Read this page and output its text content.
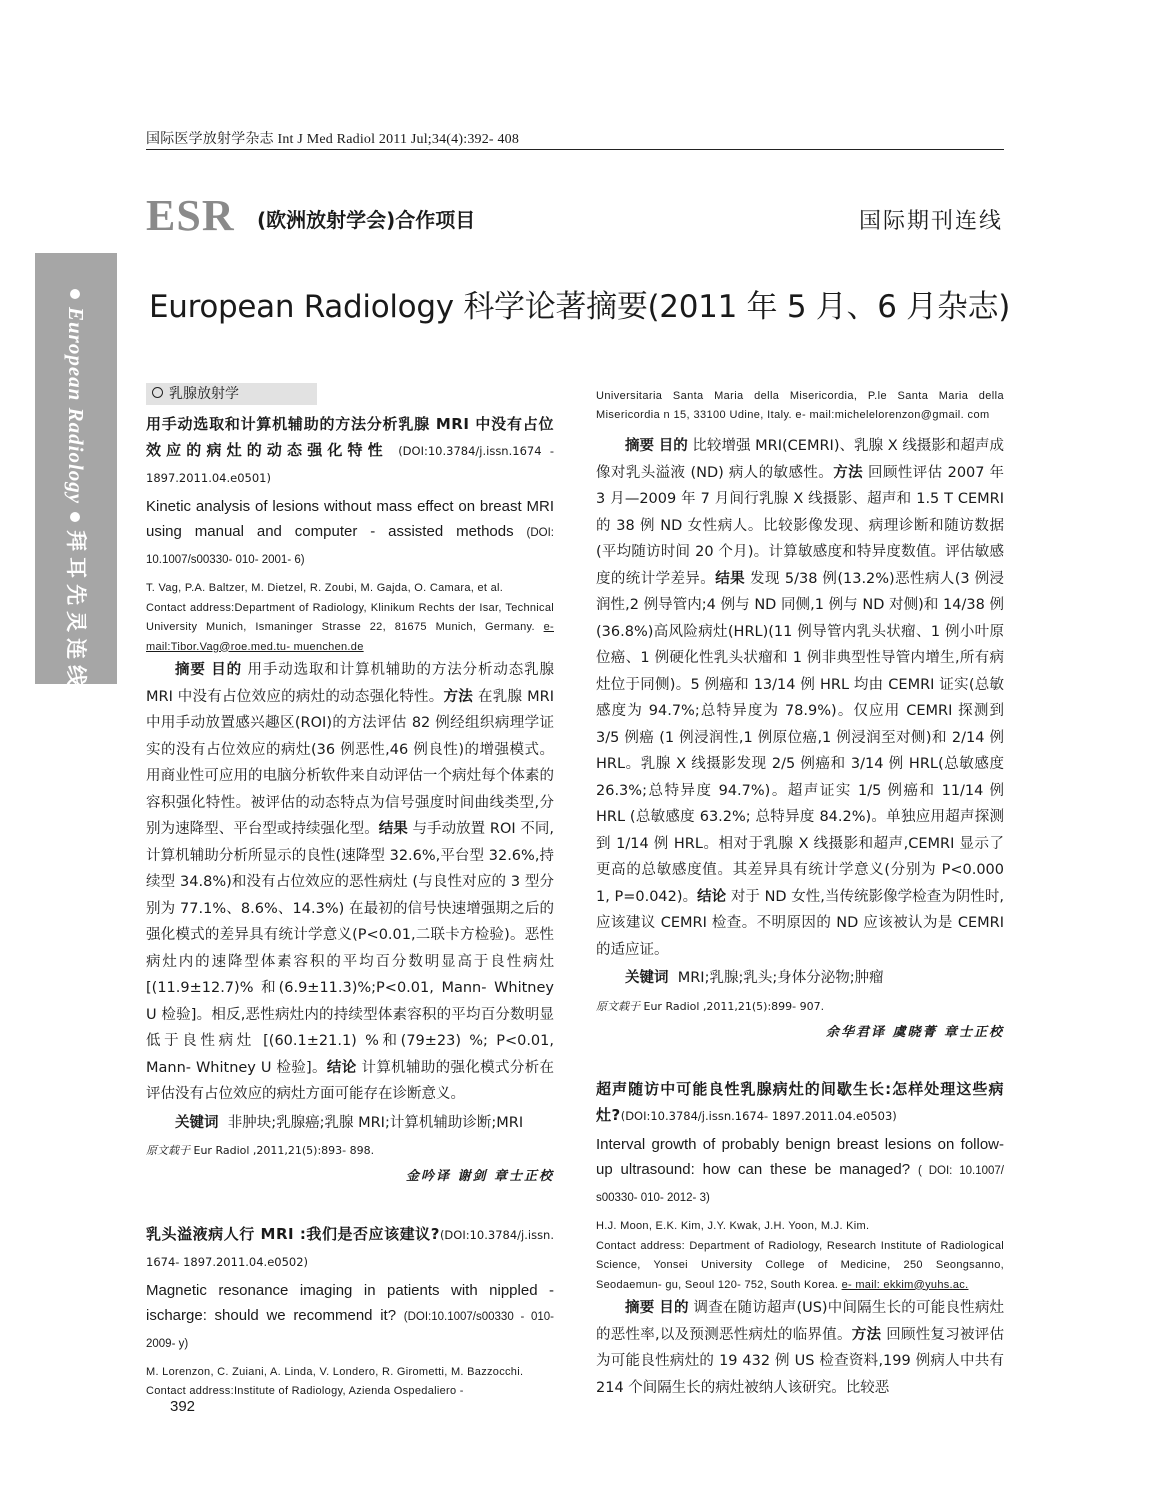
国际医学放射学杂志 Int J Med Radiol 2011 Jul;34(4):392- 408
ESR (欧洲放射学会)合作项目	国际期刊连线
European Radiology 科学论著摘要(2011 年 5 月、6 月杂志)
European Radiology拜耳先灵连线
乳腺放射学
用手动选取和计算机辅助的方法分析乳腺 MRI 中没有占位效应的病灶的动态强化特性 (DOI:10.3784/j.issn.1674 - 1897.2011.04.e0501)
Kinetic analysis of lesions without mass effect on breast MRI using manual and computer - assisted methods (DOI: 10.1007/s00330- 010- 2001- 6)
T. Vag, P.A. Baltzer, M. Dietzel, R. Zoubi, M. Gajda, O. Camara, et al.
Contact address:Department of Radiology, Klinikum Rechts der Isar, Technical University Munich, Ismaninger Strasse 22, 81675 Munich, Germany. e- mail:Tibor.Vag@roe.med.tu- muenchen.de
摘要 目的 用手动选取和计算机辅助的方法分析动态乳腺 MRI 中没有占位效应的病灶的动态强化特性。方法 在乳腺 MRI 中用手动放置感兴趣区(ROI)的方法评估 82 例经组织病理学证实的没有占位效应的病灶(36 例恶性,46 例良性)的增强模式。用商业性可应用的电脑分析软件来自动评估一个病灶每个体素的容积强化特性。被评估的动态特点为信号强度时间曲线类型,分别为速降型、平台型或持续强化型。结果 与手动放置 ROI 不同,计算机辅助分析所显示的良性(速降型 32.6%,平台型 32.6%,持续型 34.8%)和没有占位效应的恶性病灶 (与良性对应的 3 型分别为 77.1%、8.6%、14.3%) 在最初的信号快速增强期之后的强化模式的差异具有统计学意义(P<0.01,二联卡方检验)。恶性病灶内的速降型体素容积的平均百分数明显高于良性病灶 [(11.9±12.7)% 和(6.9±11.3)%;P<0.01, Mann- Whitney U 检验]。相反,恶性病灶内的持续型体素容积的平均百分数明显低于良性病灶 [(60.1±21.1) %和(79±23) %; P<0.01, Mann- Whitney U 检验]。结论 计算机辅助的强化模式分析在评估没有占位效应的病灶方面可能存在诊断意义。
关键词 非肿块;乳腺癌;乳腺 MRI;计算机辅助诊断;MRI
原文载于 Eur Radiol ,2011,21(5):893- 898.
金吟译 谢剑 章士正校
乳头溢液病人行 MRI :我们是否应该建议?(DOI:10.3784/j.issn. 1674- 1897.2011.04.e0502)
Magnetic resonance imaging in patients with nippled - ischarge: should we recommend it? (DOI:10.1007/s00330 - 010- 2009- y)
M. Lorenzon, C. Zuiani, A. Linda, V. Londero, R. Girometti, M. Bazzocchi.
Contact address:Institute of Radiology, Azienda Ospedaliero -
Universitaria Santa Maria della Misericordia, P.le Santa Maria della Misericordia n 15, 33100 Udine, Italy. e- mail:michelelorenzon@gmail. com
摘要 目的 比较增强 MRI(CEMRI)、乳腺 X 线摄影和超声成像对乳头溢液 (ND) 病人的敏感性。方法 回顾性评估 2007 年 3 月—2009 年 7 月间行乳腺 X 线摄影、超声和 1.5 T CEMRI 的 38 例 ND 女性病人。比较影像发现、病理诊断和随访数据(平均随访时间 20 个月)。计算敏感度和特异度数值。评估敏感度的统计学差异。结果 发现 5/38 例(13.2%)恶性病人(3 例浸润性,2 例导管内;4 例与 ND 同侧,1 例与 ND 对侧)和 14/38 例(36.8%)高风险病灶(HRL)(11 例导管内乳头状瘤、1 例小叶原位癌、1 例硬化性乳头状瘤和 1 例非典型性导管内增生,所有病灶位于同侧)。5 例癌和 13/14 例 HRL 均由 CEMRI 证实(总敏感度为 94.7%;总特异度为 78.9%)。仅应用 CEMRI 探测到 3/5 例癌 (1 例浸润性,1 例原位癌,1 例浸润至对侧)和 2/14 例 HRL。乳腺 X 线摄影发现 2/5 例癌和 3/14 例 HRL(总敏感度 26.3%;总特异度 94.7%)。超声证实 1/5 例癌和 11/14 例 HRL (总敏感度 63.2%; 总特异度 84.2%)。单独应用超声探测到 1/14 例 HRL。相对于乳腺 X 线摄影和超声,CEMRI 显示了更高的总敏感度值。其差异具有统计学意义(分别为 P<0.000 1, P=0.042)。结论 对于 ND 女性,当传统影像学检查为阴性时,应该建议 CEMRI 检查。不明原因的 ND 应该被认为是 CEMRI 的适应证。
关键词 MRI;乳腺;乳头;身体分泌物;肿瘤
原文载于 Eur Radiol ,2011,21(5):899- 907.
余华君译 虞晓菁 章士正校
超声随访中可能良性乳腺病灶的间歇生长:怎样处理这些病灶?(DOI:10.3784/j.issn.1674- 1897.2011.04.e0503)
Interval growth of probably benign breast lesions on follow- up ultrasound: how can these be managed? ( DOI: 10.1007/ s00330- 010- 2012- 3)
H.J. Moon, E.K. Kim, J.Y. Kwak, J.H. Yoon, M.J. Kim.
Contact address: Department of Radiology, Research Institute of Radiological Science, Yonsei University College of Medicine, 250 Seongsanno, Seodaemun- gu, Seoul 120- 752, South Korea. e- mail: ekkim@yuhs.ac.
摘要 目的 调查在随访超声(US)中间隔生长的可能良性病灶的恶性率,以及预测恶性病灶的临界值。方法 回顾性复习被评估为可能良性病灶的 19 432 例 US 检查资料,199 例病人中共有 214 个间隔生长的病灶被纳人该研究。比较恶
392
